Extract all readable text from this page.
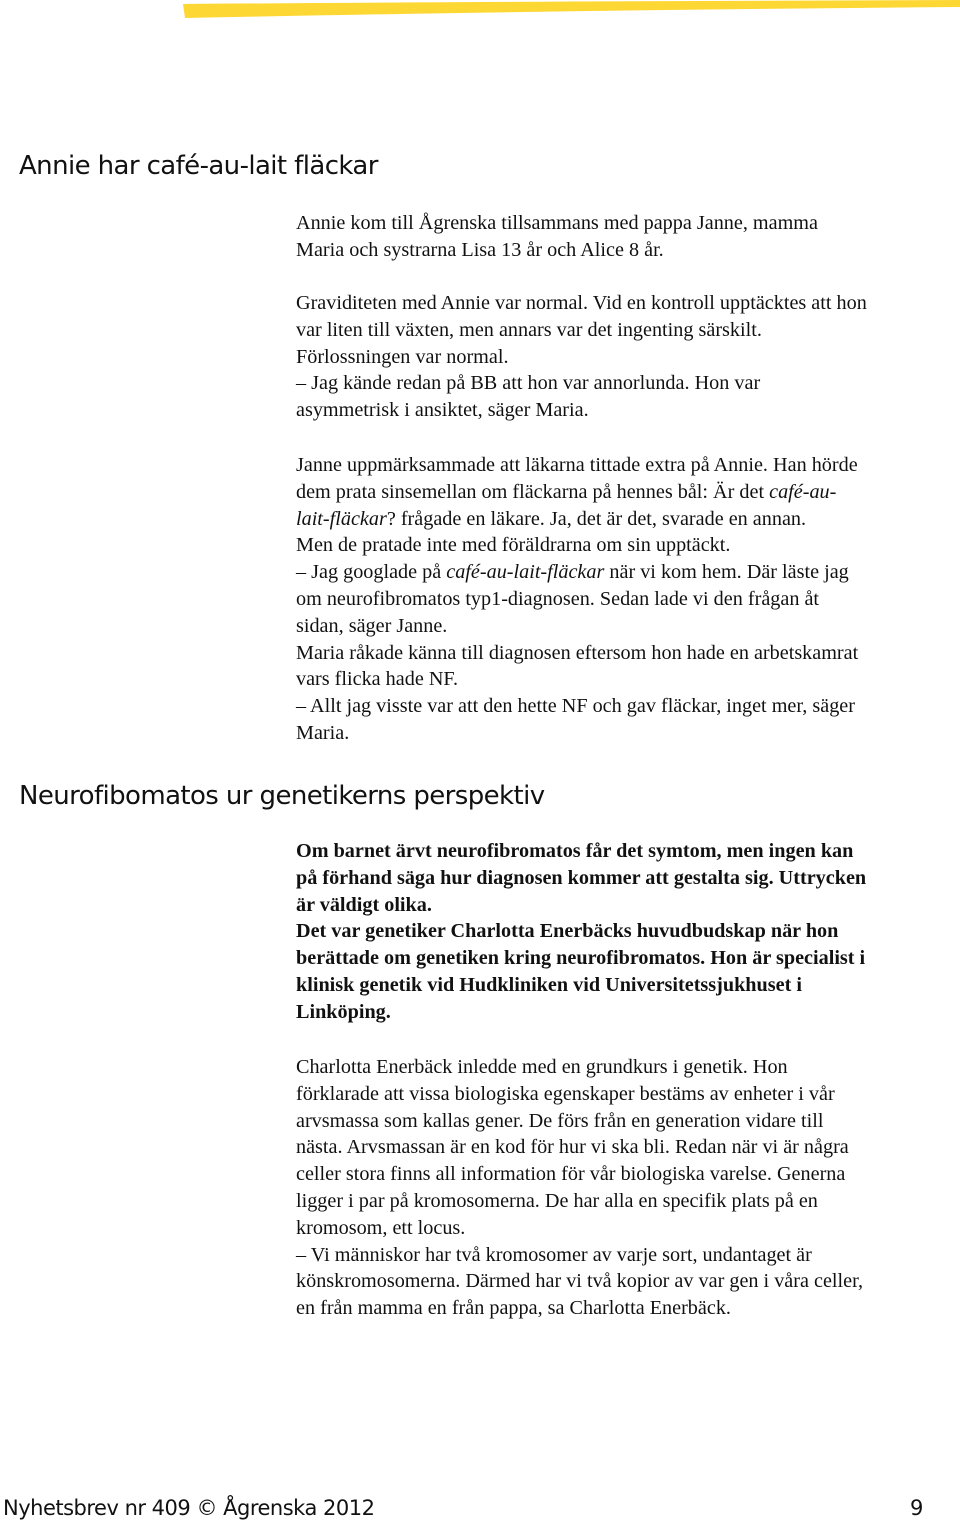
Annie har café-au-lait fläckar

Annie kom till Ågrenska tillsammans med pappa Janne, mamma

Maria och systrarna Lisa 13 år och Alice 8 år.

Graviditeten med Annie var normal. Vid en kontroll upptäcktes att hon

var liten till växten, men annars var det ingenting särskilt.

Förlossningen var normal.

– Jag kände redan på BB att hon var annorlunda. Hon var

asymmetrisk i ansiktet, säger Maria.

Janne uppmärksammade att läkarna tittade extra på Annie. Han hörde

dem prata sinsemellan om fläckarna på hennes bål: Är det café-au-

lait-fläckar? frågade en läkare. Ja, det är det, svarade en annan.

Men de pratade inte med föräldrarna om sin upptäckt.

– Jag googlade på café-au-lait-fläckar när vi kom hem. Där läste jag

om neurofibromatos typ1-diagnosen. Sedan lade vi den frågan åt

sidan, säger Janne.

Maria råkade känna till diagnosen eftersom hon hade en arbetskamrat

vars flicka hade NF.

– Allt jag visste var att den hette NF och gav fläckar, inget mer, säger

Maria.

Neurofibomatos ur genetikerns perspektiv

Om barnet ärvt neurofibromatos får det symtom, men ingen kan

på förhand säga hur diagnosen kommer att gestalta sig. Uttrycken

är väldigt olika.

Det var genetiker Charlotta Enerbäcks huvudbudskap när hon

berättade om genetiken kring neurofibromatos. Hon är specialist i

klinisk genetik vid Hudkliniken vid Universitetssjukhuset i

Linköping.

Charlotta Enerbäck inledde med en grundkurs i genetik. Hon

förklarade att vissa biologiska egenskaper bestäms av enheter i vår

arvsmassa som kallas gener. De förs från en generation vidare till

nästa. Arvsmassan är en kod för hur vi ska bli. Redan när vi är några

celler stora finns all information för vår biologiska varelse. Generna

ligger i par på kromosomerna. De har alla en specifik plats på en

kromosom, ett locus.

– Vi människor har två kromosomer av varje sort, undantaget är

könskromosomerna. Därmed har vi två kopior av var gen i våra celler,

en från mamma en från pappa, sa Charlotta Enerbäck.

Nyhetsbrev nr 409 © Ågrenska 2012	9
